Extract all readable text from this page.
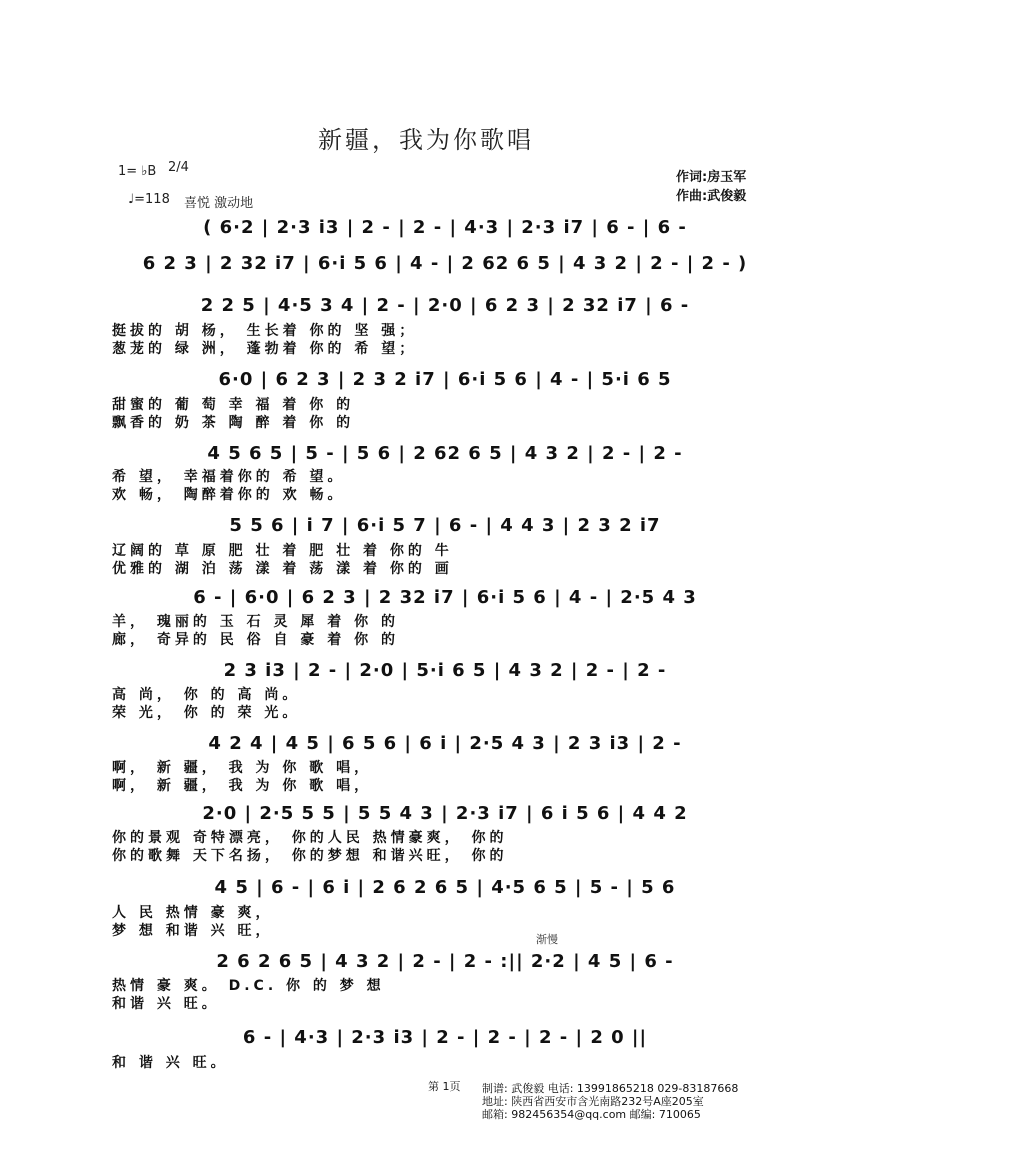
新疆，我为你歌唱
1= ♭B 2/4
♩=118 喜悦 激动地
作词:房玉军
作曲:武俊毅
( 6·2 | 2·3 i3 | 2 - | 2 - | 4·3 | 2·3 i7 | 6 - | 6 -
6 2 3 | 2 32 i7 | 6·i 5 6 | 4 - | 2 62 6 5 | 4 3 2 | 2 - | 2 - )
2 2 5 | 4·5 3 4 | 2 - | 2·0 | 6 2 3 | 2 32 i7 | 6 -
挺拔的 胡 杨， 生长着 你的 坚 强；
葱茏的 绿 洲， 蓬勃着 你的 希 望；
6·0 | 6 2 3 | 2 3 2 i7 | 6·i 5 6 | 4 - | 5·i 6 5
甜蜜的 葡 萄 幸 福 着 你 的
飘香的 奶 茶 陶 醉 着 你 的
4 5 6 5 | 5 - | 5 6 | 2 62 6 5 | 4 3 2 | 2 - | 2 -
希 望， 幸福着你的 希 望。
欢 畅， 陶醉着你的 欢 畅。
5 5 6 | i 7 | 6·i 5 7 | 6 - | 4 4 3 | 2 3 2 i7
辽阔的 草 原 肥 壮 着 肥 壮 着 你的 牛
优雅的 湖 泊 荡 漾 着 荡 漾 着 你的 画
6 - | 6·0 | 6 2 3 | 2 32 i7 | 6·i 5 6 | 4 - | 2·5 4 3
羊， 瑰丽的 玉 石 灵 犀 着 你 的
廊， 奇异的 民 俗 自 豪 着 你 的
2 3 i3 | 2 - | 2·0 | 5·i 6 5 | 4 3 2 | 2 - | 2 -
高 尚， 你 的 高 尚。
荣 光， 你 的 荣 光。
4 2 4 | 4 5 | 6 5 6 | 6 i | 2·5 4 3 | 2 3 i3 | 2 -
啊， 新 疆， 我 为 你 歌 唱，
啊， 新 疆， 我 为 你 歌 唱，
2·0 | 2·5 5 5 | 5 5 4 3 | 2·3 i7 | 6 i 5 6 | 4 4 2
你的景观 奇特漂亮， 你的人民 热情豪爽， 你的
你的歌舞 天下名扬， 你的梦想 和谐兴旺， 你的
4 5 | 6 - | 6 i | 2 6 2 6 5 | 4·5 6 5 | 5 - | 5 6
人 民 热情 豪 爽，
梦 想 和谐 兴 旺，
渐慢
2 6 2 6 5 | 4 3 2 | 2 - | 2 - :|| 2·2 | 4 5 | 6 -
热情 豪 爽。 D.C. 你 的 梦 想
和谐 兴 旺。
6 - | 4·3 | 2·3 i3 | 2 - | 2 - | 2 - | 2 0 ||
和 谐 兴 旺。
第 1页 制谱: 武俊毅 电话: 13991865218 029-83187668
地址: 陕西省西安市含光南路232号A座205室
邮箱: 982456354@qq.com 邮编: 710065
